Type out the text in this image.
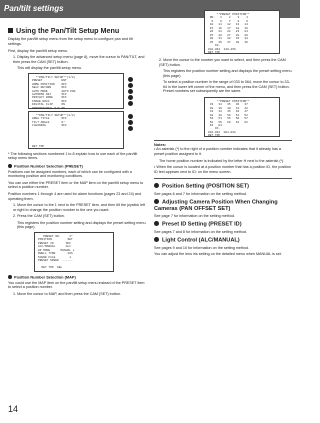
Pan/tilt settings
Using the Pan/Tilt Setup Menu

Display the pan/tilt setup menu from the setup menu to configure pan and tilt settings.

First, display the pan/tilt setup menu.

1. Display the advanced setup menu (page 8), move the cursor to PAN/TILT, and then press the CAM (SET) button.

This will display the pan/tilt setup menu.

**PAN/TILT SETUP**(1/2)
PRESET           ENT
HOME POSITION    OFF
SELF RETURN      OFF
AUTO MODE        AUTO PAN
AUTOPAN KEY      OFF
PRIVACY ZONE     OFF
IMAGE HOLD       OFF
DIGITAL FLIP     ON
PROPORTIONAL P/T ON
**PAN/TILT SETUP**(2/2)
AREA TITLE       OFF
TILT ANGLE       0°
CLEANING         OFF

RET TOP

* The following sections numbered 1 to 8 explain how to use each of the pan/tilt setup menu items.

Position Number Selection (PRESET)

Positions can be assigned numbers, each of which can be configured with a monitoring position and monitoring conditions.

You can use either the PRESET item or the MAP item on the pan/tilt setup menu to select a position number.

Position numbers 1 through 4 are used for alarm functions (pages 23 and 24) and operating them.

1. Move the cursor to the 1 next to the PRESET item, and then tilt the joystick left or right to change the position number to the one you want.

2. Press the CAM (SET) button.

This registers the position number setting and displays the preset setting menu (this page).

PRESET NO.     1*
POSITION         SET
PRESET ID       OFF
ALC/MANUAL      ALC
DP MODE      MANUAL L
DWELL TIME       10S
SCENE FILE        1
PRESET SPEED  ------

RET TOP  DEL
Position Number Selection (MAP)

You could use the MAP item on the pan/tilt setup menu instead of the PRESET item to select a position number.

1. Move the cursor to MAP, and then press the CAM (SET) button.

**PRESET POSITION**
NO.   1    2    3    4
5    6    7    8    9
10   11   12   13   14
15   16   17   18   19
20   21   22   23   24
25   26   27   28   29
30   31   32   33   34
35   36   37   38   39
ID.
001-064  129-256
RET TOP

2. Move the cursor to the number you want to select, and then press the CAM (SET) button.

This registers the position number setting and displays the preset setting menu (this page).

To select a position number in the range of 033 to 064, move the cursor to 33-64 in the lower left corner of the menu, and then press the CAM (SET) button. Preset numbers set subsequently are the same.

**PRESET POSITION**
33   34   35   36   37
38   39   40   41   42
43   44   45   46   47
48   49   50   51   52
53   54   55   56   57
58   59   60   61   62
63   64
ID.
001-032  001-032
RET TOP
Notes:

• An asterisk (*) to the right of a position number indicates that it already has a preset position assigned to it.

The home position number is indicated by the letter H next to the asterisk (*).

• When the cursor is located at a position number that has a position ID, the position ID text appears next to ID: on the menu screen.

Position Setting (POSITION SET)

See pages 6 and 7 for information on the setting method.

Adjusting Camera Position When Changing Cameras (PAN OFFSET SET)

See page 7 for information on the setting method.

Preset ID Setting (PRESET ID)

See pages 7 and 8 for information on the setting method.

Light Control (ALC/MANUAL)

See pages 9 and 10 for information on the setting method.

You can adjust the lens iris setting on the detailed menu when MANUAL is set.

14
